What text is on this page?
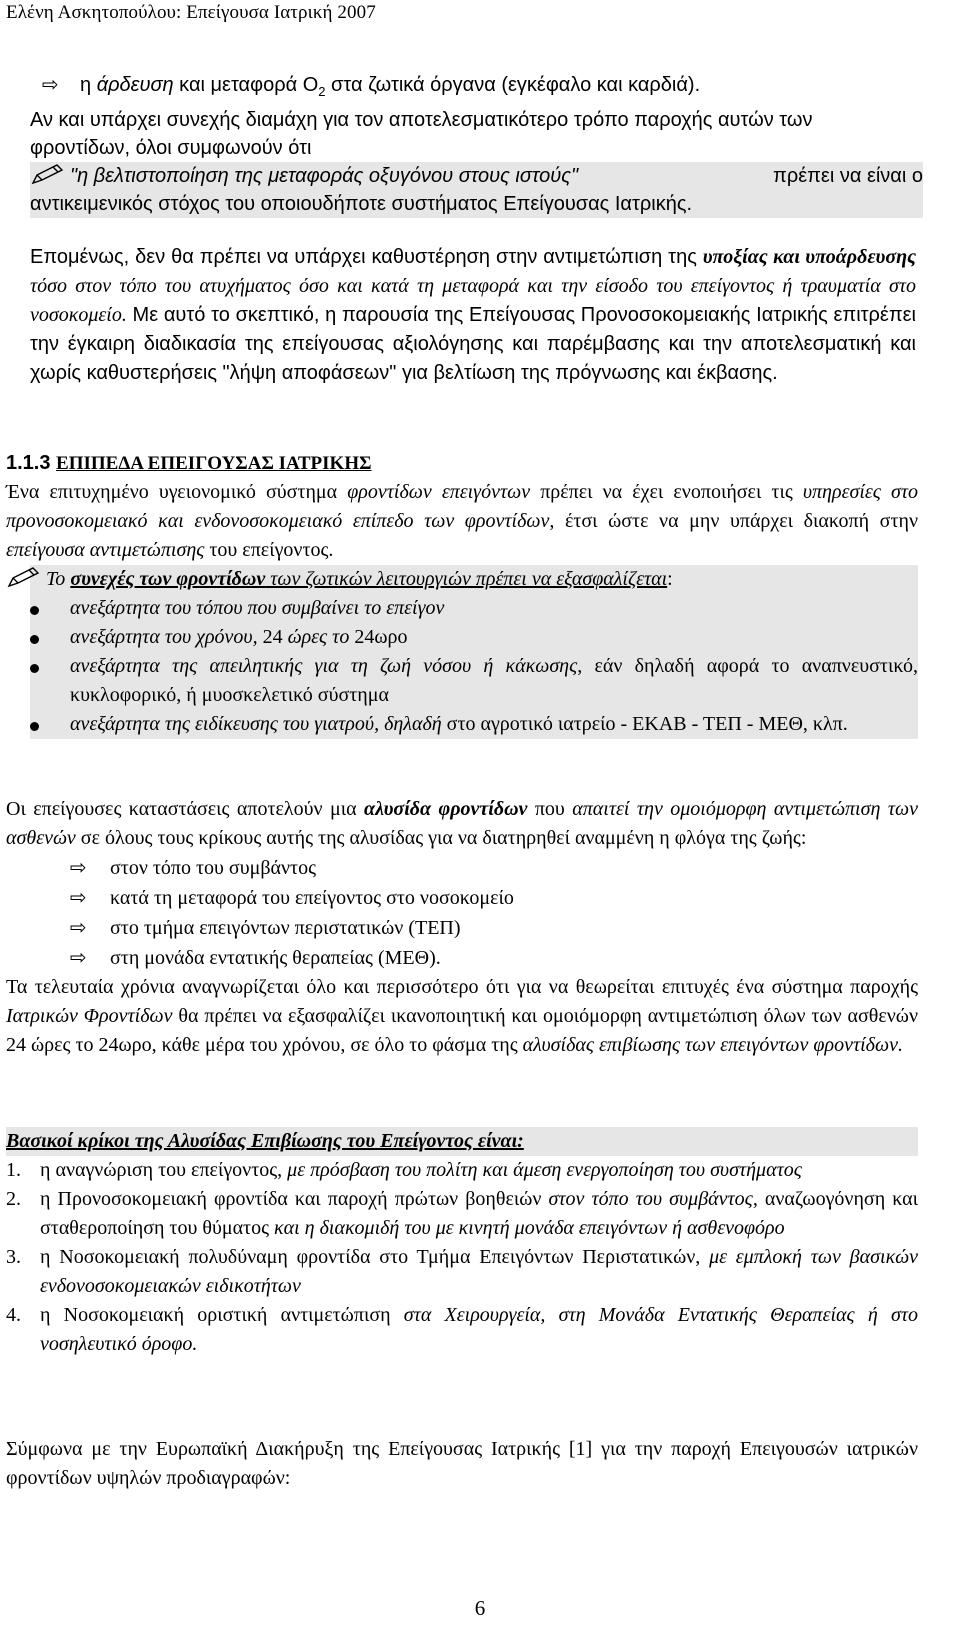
Ελένη Ασκητοπούλου: Επείγουσα Ιατρική 2007

⇨ η άρδευση και μεταφορά $O_2$ στα ζωτικά όργανα (εγκέφαλο και καρδιά).

Αν και υπάρχει συνεχής διαμάχη για τον αποτελεσματικότερο τρόπο παροχής αυτών των

φροντίδων, όλοι συμφωνούν ότι

"η βελτιστοποίηση της μεταφοράς οξυγόνου στους ιστούς"	πρέπει να είναι ο

αντικειμενικός στόχος του οποιουδήποτε συστήματος Επείγουσας Ιατρικής.

Επομένως, δεν θα πρέπει να υπάρχει καθυστέρηση στην αντιμετώπιση της υποξίας και υποάρδευσης τόσο στον τόπο του ατυχήματος όσο και κατά τη μεταφορά και την είσοδο του επείγοντος ή τραυματία στο νοσοκομείο. Με αυτό το σκεπτικό, η παρουσία της Επείγουσας Προνοσοκομειακής Ιατρικής επιτρέπει την έγκαιρη διαδικασία της επείγουσας αξιολόγησης και παρέμβασης και την αποτελεσματική και χωρίς καθυστερήσεις "λήψη αποφάσεων" για βελτίωση της πρόγνωσης και έκβασης.

1.1.3 ΕΠΙΠΕΔΑ ΕΠΕΙΓΟΥΣΑΣ ΙΑΤΡΙΚΗΣ

Ένα επιτυχημένο υγειονομικό σύστημα φροντίδων επειγόντων πρέπει να έχει ενοποιήσει τις υπηρεσίες στο προνοσοκομειακό και ενδονοσοκομειακό επίπεδο των φροντίδων, έτσι ώστε να μην υπάρχει διακοπή στην επείγουσα αντιμετώπισης του επείγοντος.

Το συνεχές των φροντίδων των ζωτικών λειτουργιών πρέπει να εξασφαλίζεται:

ανεξάρτητα του τόπου που συμβαίνει το επείγον
ανεξάρτητα του χρόνου, 24 ώρες το 24ωρο
ανεξάρτητα της απειλητικής για τη ζωή νόσου ή κάκωσης, εάν δηλαδή αφορά το αναπνευστικό, κυκλοφορικό, ή μυοσκελετικό σύστημα
ανεξάρτητα της ειδίκευσης του γιατρού, δηλαδή στο αγροτικό ιατρείο - ΕΚΑΒ - ΤΕΠ - ΜΕΘ, κλπ.

Οι επείγουσες καταστάσεις αποτελούν μια αλυσίδα φροντίδων που απαιτεί την ομοιόμορφη αντιμετώπιση των ασθενών σε όλους τους κρίκους αυτής της αλυσίδας για να διατηρηθεί αναμμένη η φλόγα της ζωής:

⇨ στον τόπο του συμβάντος

⇨ κατά τη μεταφορά του επείγοντος στο νοσοκομείο

⇨ στο τμήμα επειγόντων περιστατικών (ΤΕΠ)

⇨ στη μονάδα εντατικής θεραπείας (ΜΕΘ).

Τα τελευταία χρόνια αναγνωρίζεται όλο και περισσότερο ότι για να θεωρείται επιτυχές ένα σύστημα παροχής Ιατρικών Φροντίδων θα πρέπει να εξασφαλίζει ικανοποιητική και ομοιόμορφη αντιμετώπιση όλων των ασθενών 24 ώρες το 24ωρο, κάθε μέρα του χρόνου, σε όλο το φάσμα της αλυσίδας επιβίωσης των επειγόντων φροντίδων.

Βασικοί κρίκοι της Αλυσίδας Επιβίωσης του Επείγοντος είναι:

1. η αναγνώριση του επείγοντος, με πρόσβαση του πολίτη και άμεση ενεργοποίηση του συστήματος
2. η Προνοσοκομειακή φροντίδα και παροχή πρώτων βοηθειών στον τόπο του συμβάντος, αναζωογόνηση και σταθεροποίηση του θύματος και η διακομιδή του με κινητή μονάδα επειγόντων ή ασθενοφόρο
3. η Νοσοκομειακή πολυδύναμη φροντίδα στο Τμήμα Επειγόντων Περιστατικών, με εμπλοκή των βασικών ενδονοσοκομειακών ειδικοτήτων
4. η Νοσοκομειακή οριστική αντιμετώπιση στα Χειρουργεία, στη Μονάδα Εντατικής Θεραπείας ή στο νοσηλευτικό όροφο.
Σύμφωνα με την Ευρωπαϊκή Διακήρυξη της Επείγουσας Ιατρικής [1] για την παροχή Επειγουσών ιατρικών φροντίδων υψηλών προδιαγραφών:
6
